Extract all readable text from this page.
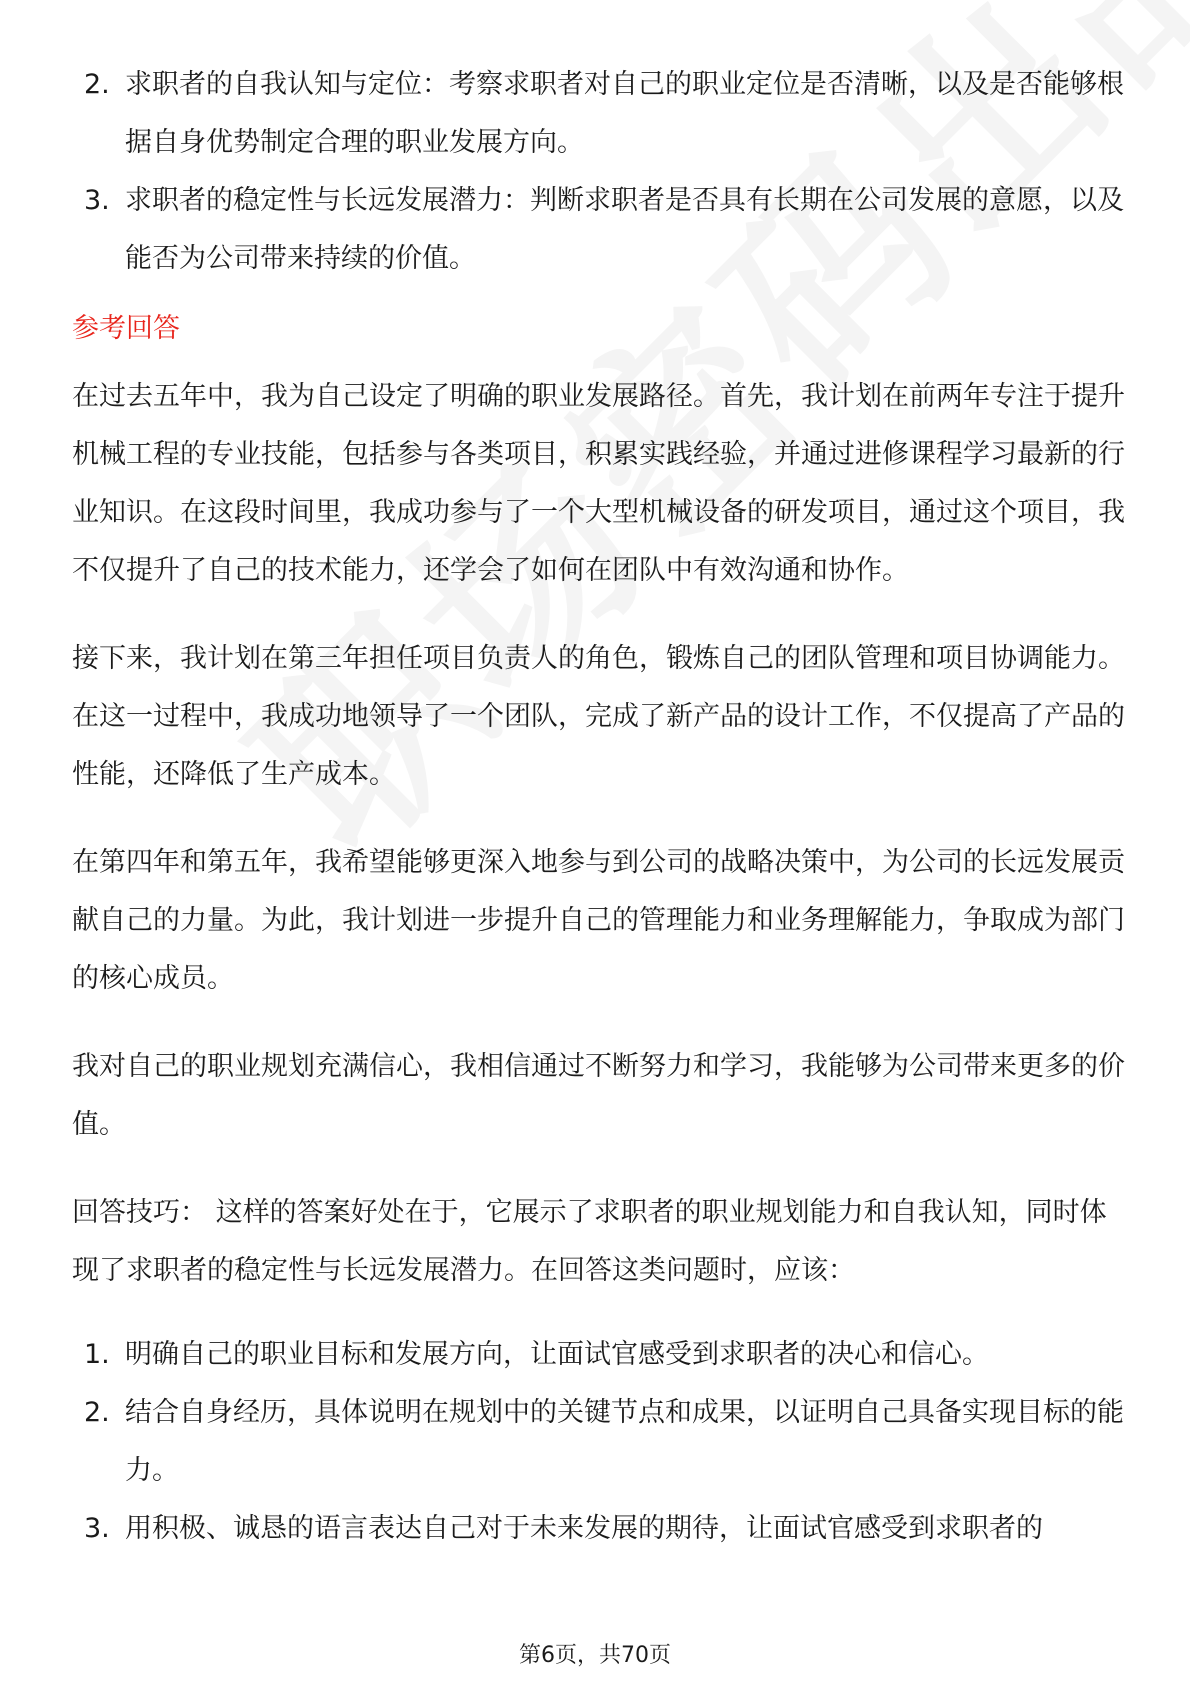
2. 求职者的自我认知与定位：考察求职者对自己的职业定位是否清晰，以及是否能够根据自身优势制定合理的职业发展方向。
3. 求职者的稳定性与长远发展潜力：判断求职者是否具有长期在公司发展的意愿，以及能否为公司带来持续的价值。
参考回答

在过去五年中，我为自己设定了明确的职业发展路径。首先，我计划在前两年专注于提升机械工程的专业技能，包括参与各类项目，积累实践经验，并通过进修课程学习最新的行业知识。在这段时间里，我成功参与了一个大型机械设备的研发项目，通过这个项目，我不仅提升了自己的技术能力，还学会了如何在团队中有效沟通和协作。

接下来，我计划在第三年担任项目负责人的角色，锻炼自己的团队管理和项目协调能力。在这一过程中，我成功地领导了一个团队，完成了新产品的设计工作，不仅提高了产品的性能，还降低了生产成本。

在第四年和第五年，我希望能够更深入地参与到公司的战略决策中，为公司的长远发展贡献自己的力量。为此，我计划进一步提升自己的管理能力和业务理解能力，争取成为部门的核心成员。

我对自己的职业规划充满信心，我相信通过不断努力和学习，我能够为公司带来更多的价值。

回答技巧： 这样的答案好处在于，它展示了求职者的职业规划能力和自我认知，同时体现了求职者的稳定性与长远发展潜力。在回答这类问题时，应该：

1. 明确自己的职业目标和发展方向，让面试官感受到求职者的决心和信心。
2. 结合自身经历，具体说明在规划中的关键节点和成果，以证明自己具备实现目标的能力。
3. 用积极、诚恳的语言表达自己对于未来发展的期待，让面试官感受到求职者的
第6页，共70页
